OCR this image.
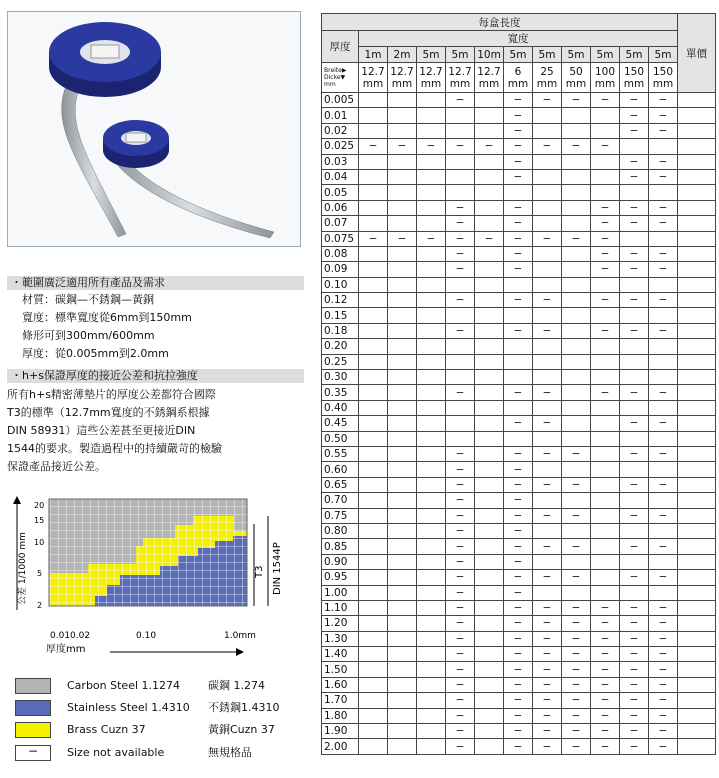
・範圍廣泛適用所有產品及需求
材質：碳鋼—不銹鋼—黃銅
寬度：標準寬度從6mm到150mm
條形可到300mm/600mm
厚度：從0.005mm到2.0mm
・h+s保證厚度的接近公差和抗拉強度
所有h+s精密薄墊片的厚度公差都符合國際
T3的標準（12.7mm寬度的不銹鋼系根據
DIN 58931）這些公差甚至更接近DIN
1544的要求。製造過程中的持續嚴苛的檢驗
保證產品接近公差。
0.01 0.02	0.10	1.0mm
20
15
10
5
2
公差 1/1000 mm
厚度mm
T3 DIN 1544P
Carbon Steel 1.1274	碳鋼 1.274
Stainless Steel 1.4310 不銹鋼1.4310
Brass Cuzn 37	黃銅Cuzn 37
−	Size not available	無規格品
每盒長度												單價
厚度	寬度											
	1m	2m	5m	5m	10m	5m	5m	5m	5m	5m	5m	
Breite▶ Dicke▼ mm	12.7 mm	12.7 mm	12.7 mm	12.7 mm	12.7 mm	6 mm	25 mm	50 mm	100 mm	150 mm	150 mm	
0.005				−		−	−	−	−	−	−	
0.01						−				−	−	
0.02						−				−	−	
0.025	−	−	−	−	−	−	−	−	−			
0.03						−				−	−	
0.04						−				−	−	
0.05												
0.06				−		−			−	−	−	
0.07				−		−			−	−	−	
0.075	−	−	−	−	−	−	−	−	−			
0.08				−		−			−	−	−	
0.09				−		−			−	−	−	
0.10												
0.12				−		−	−		−	−	−	
0.15												
0.18				−		−	−		−	−	−	
0.20												
0.25												
0.30												
0.35				−		−	−		−	−	−	
0.40												
0.45						−	−			−	−	
0.50												
0.55				−		−	−	−		−	−	
0.60				−		−						
0.65				−		−	−	−		−	−	
0.70				−		−						
0.75				−		−	−	−		−	−	
0.80				−		−						
0.85				−		−	−	−		−	−	
0.90				−		−						
0.95				−		−	−	−		−	−	
1.00				−		−						
1.10				−		−	−	−	−	−	−	
1.20				−		−	−	−	−	−	−	
1.30				−		−	−	−	−	−	−	
1.40				−		−	−	−	−	−	−	
1.50				−		−	−	−	−	−	−	
1.60				−		−	−	−	−	−	−	
1.70				−		−	−	−	−	−	−	
1.80				−		−	−	−	−	−	−	
1.90				−		−	−	−	−	−	−	
2.00				−		−	−	−	−	−	−	
